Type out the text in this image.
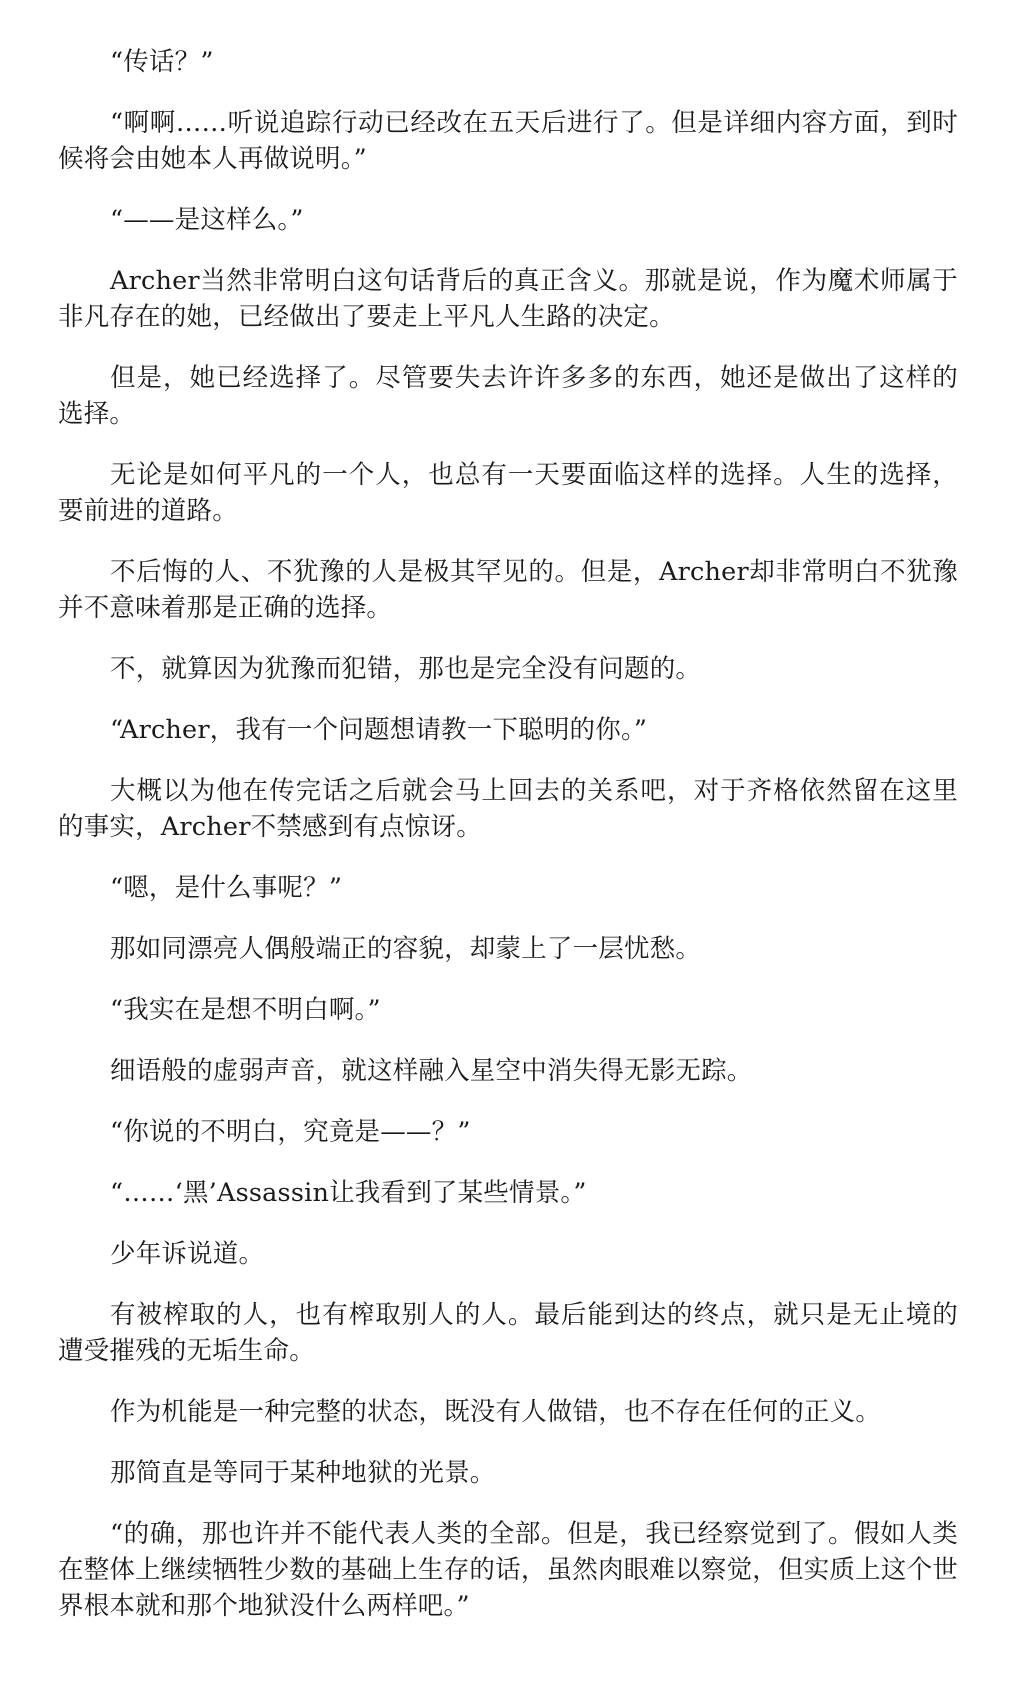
“传话？”

“啊啊……听说追踪行动已经改在五天后进行了。但是详细内容方面，到时候将会由她本人再做说明。”

“——是这样么。”

Archer当然非常明白这句话背后的真正含义。那就是说，作为魔术师属于非凡存在的她，已经做出了要走上平凡人生路的决定。

但是，她已经选择了。尽管要失去许许多多的东西，她还是做出了这样的选择。

无论是如何平凡的一个人，也总有一天要面临这样的选择。人生的选择，要前进的道路。

不后悔的人、不犹豫的人是极其罕见的。但是，Archer却非常明白不犹豫并不意味着那是正确的选择。

不，就算因为犹豫而犯错，那也是完全没有问题的。

“Archer，我有一个问题想请教一下聪明的你。”

大概以为他在传完话之后就会马上回去的关系吧，对于齐格依然留在这里的事实，Archer不禁感到有点惊讶。

“嗯，是什么事呢？”

那如同漂亮人偶般端正的容貌，却蒙上了一层忧愁。

“我实在是想不明白啊。”

细语般的虚弱声音，就这样融入星空中消失得无影无踪。

“你说的不明白，究竟是——？”

“……‘黑’Assassin让我看到了某些情景。”

少年诉说道。

有被榨取的人，也有榨取别人的人。最后能到达的终点，就只是无止境的遭受摧残的无垢生命。

作为机能是一种完整的状态，既没有人做错，也不存在任何的正义。

那简直是等同于某种地狱的光景。

“的确，那也许并不能代表人类的全部。但是，我已经察觉到了。假如人类在整体上继续牺牲少数的基础上生存的话，虽然肉眼难以察觉，但实质上这个世界根本就和那个地狱没什么两样吧。”
